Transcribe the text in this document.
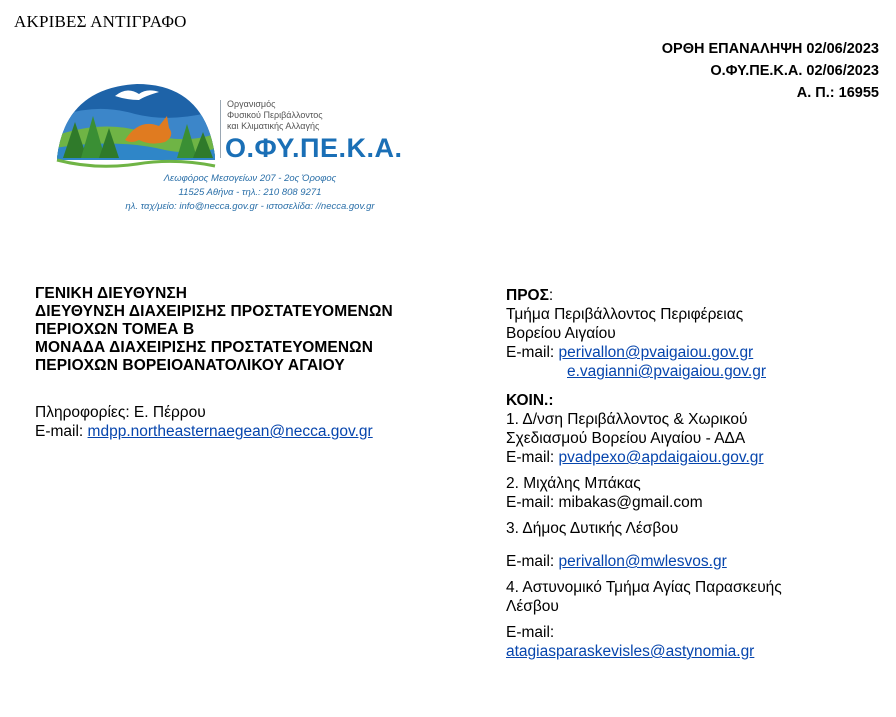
ΑΚΡΙΒΕΣ ΑΝΤΙΓΡΑΦΟ
ΟΡΘΗ ΕΠΑΝΑΛΗΨΗ 02/06/2023
Ο.ΦΥ.ΠΕ.Κ.Α. 02/06/2023
Α. Π.: 16955
Οργανισμός
Φυσικού Περιβάλλοντος
και Κλιματικής Αλλαγής
Ο.ΦΥ.ΠΕ.Κ.Α.
Λεωφόρος Μεσογείων 207 - 2ος Όροφος
11525 Αθήνα - τηλ.: 210 808 9271
ηλ. ταχ/μείο: info@necca.gov.gr - ιστοσελίδα: //necca.gov.gr
ΓΕΝΙΚΗ ΔΙΕΥΘΥΝΣΗ
ΔΙΕΥΘΥΝΣΗ ΔΙΑΧΕΙΡΙΣΗΣ ΠΡΟΣΤΑΤΕΥΟΜΕΝΩΝ
ΠΕΡΙΟΧΩΝ ΤΟΜΕΑ Β
ΜΟΝΑΔΑ ΔΙΑΧΕΙΡΙΣΗΣ ΠΡΟΣΤΑΤΕΥΟΜΕΝΩΝ
ΠΕΡΙΟΧΩΝ ΒΟΡΕΙΟΑΝΑΤΟΛΙΚΟΥ ΑΓΑΙΟΥ
Πληροφορίες: Ε. Πέρρου
E-mail: mdpp.northeasternaegean@necca.gov.gr
ΠΡΟΣ:
Τμήμα Περιβάλλοντος Περιφέρειας
Βορείου Αιγαίου
E-mail: perivallon@pvaigaiou.gov.gr
e.vagianni@pvaigaiou.gov.gr
ΚΟΙΝ.:
1. Δ/νση Περιβάλλοντος & Χωρικού
Σχεδιασμού Βορείου Αιγαίου - ΑΔΑ
E-mail: pvadpexo@apdaigaiou.gov.gr
2. Μιχάλης Μπάκας
E-mail: mibakas@gmail.com
3. Δήμος Δυτικής Λέσβου
E-mail: perivallon@mwlesvos.gr
4. Αστυνομικό Τμήμα Αγίας Παρασκευής
Λέσβου
E-mail:
atagiasparaskevisles@astynomia.gr
